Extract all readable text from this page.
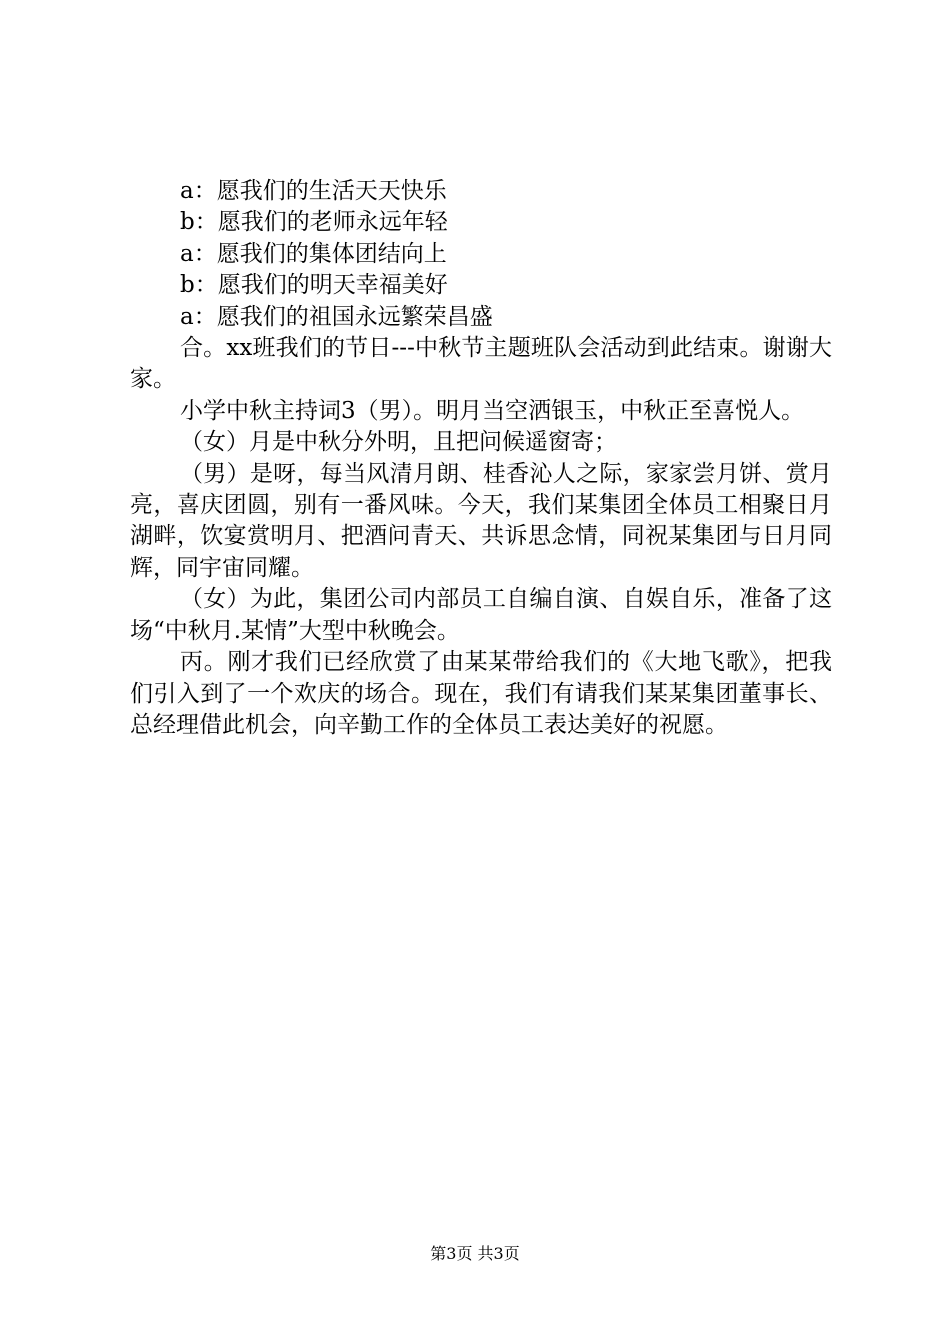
a：愿我们的生活天天快乐
b：愿我们的老师永远年轻
a：愿我们的集体团结向上
b：愿我们的明天幸福美好
a：愿我们的祖国永远繁荣昌盛

合。xx班我们的节日---中秋节主题班队会活动到此结束。谢谢大家。

小学中秋主持词3（男）。明月当空洒银玉，中秋正至喜悦人。

（女）月是中秋分外明，且把问候遥窗寄；

（男）是呀，每当风清月朗、桂香沁人之际，家家尝月饼、赏月亮，喜庆团圆，别有一番风味。今天，我们某集团全体员工相聚日月湖畔，饮宴赏明月、把酒问青天、共诉思念情，同祝某集团与日月同辉，同宇宙同耀。

（女）为此，集团公司内部员工自编自演、自娱自乐，准备了这场“中秋月.某情”大型中秋晚会。

丙。刚才我们已经欣赏了由某某带给我们的《大地飞歌》，把我们引入到了一个欢庆的场合。现在，我们有请我们某某集团董事长、总经理借此机会，向辛勤工作的全体员工表达美好的祝愿。

第3页 共3页
